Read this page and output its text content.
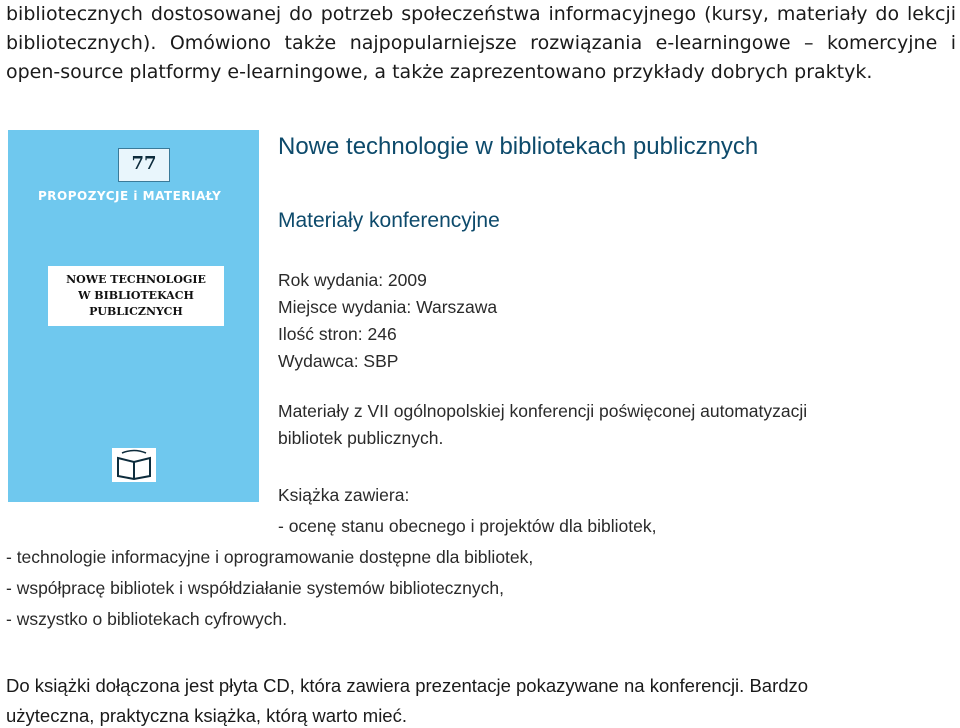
bibliotecznych dostosowanej do potrzeb społeczeństwa informacyjnego (kursy, materiały do lekcji
bibliotecznych). Omówiono także najpopularniejsze rozwiązania e-learningowe – komercyjne i
open-source platformy e-learningowe, a także zaprezentowano przykłady dobrych praktyk.
77
PROPOZYCJE i MATERIAŁY
NOWE TECHNOLOGIE
W BIBLIOTEKACH
PUBLICZNYCH
Nowe technologie w bibliotekach publicznych
Materiały konferencyjne
Rok wydania: 2009
Miejsce wydania: Warszawa
Ilość stron: 246
Wydawca: SBP
Materiały z VII ogólnopolskiej konferencji poświęconej automatyzacji
bibliotek publicznych.
Książka zawiera:
- ocenę stanu obecnego i projektów dla bibliotek,
- technologie informacyjne i oprogramowanie dostępne dla bibliotek,
- współpracę bibliotek i współdziałanie systemów bibliotecznych,
- wszystko o bibliotekach cyfrowych.
Do książki dołączona jest płyta CD, która zawiera prezentacje pokazywane na konferencji. Bardzo
użyteczna, praktyczna książka, którą warto mieć.
